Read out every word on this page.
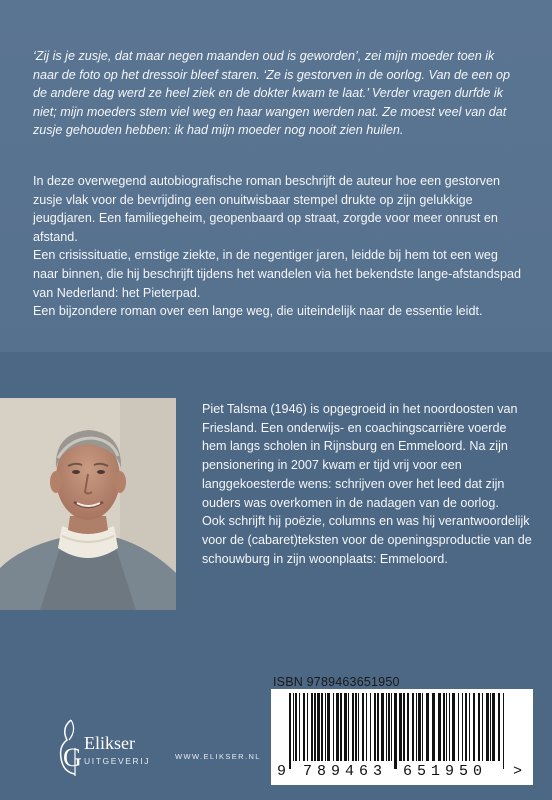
‘Zij is je zusje, dat maar negen maanden oud is geworden’, zei mijn moeder toen ik naar de foto op het dressoir bleef staren. ‘Ze is gestorven in de oorlog. Van de een op de andere dag werd ze heel ziek en de dokter kwam te laat.’ Verder vragen durfde ik niet; mijn moeders stem viel weg en haar wangen werden nat. Ze moest veel van dat zusje gehouden hebben: ik had mijn moeder nog nooit zien huilen.

In deze overwegend autobiografische roman beschrijft de auteur hoe een gestorven zusje vlak voor de bevrijding een onuitwisbaar stempel drukte op zijn gelukkige jeugdjaren. Een familiegeheim, geopenbaard op straat, zorgde voor meer onrust en afstand.

Een crisissituatie, ernstige ziekte, in de negentiger jaren, leidde bij hem tot een weg naar binnen, die hij beschrijft tijdens het wandelen via het bekendste lange-afstandspad van Nederland: het Pieterpad.

Een bijzondere roman over een lange weg, die uiteindelijk naar de essentie leidt.

Piet Talsma (1946) is opgegroeid in het noordoosten van Friesland. Een onderwijs- en coachingscarrière voerde hem langs scholen in Rijnsburg en Emmeloord. Na zijn pensionering in 2007 kwam er tijd vrij voor een langgekoesterde wens: schrijven over het leed dat zijn ouders was overkomen in de nadagen van de oorlog.

Ook schrijft hij poëzie, columns en was hij verantwoordelijk voor de (cabaret)teksten voor de openingsproductie van de schouwburg in zijn woonplaats: Emmeloord.

ISBN 9789463651950
9 789463 651950 >
G Elikser
UITGEVERIJ	WWW.ELIKSER.NL
